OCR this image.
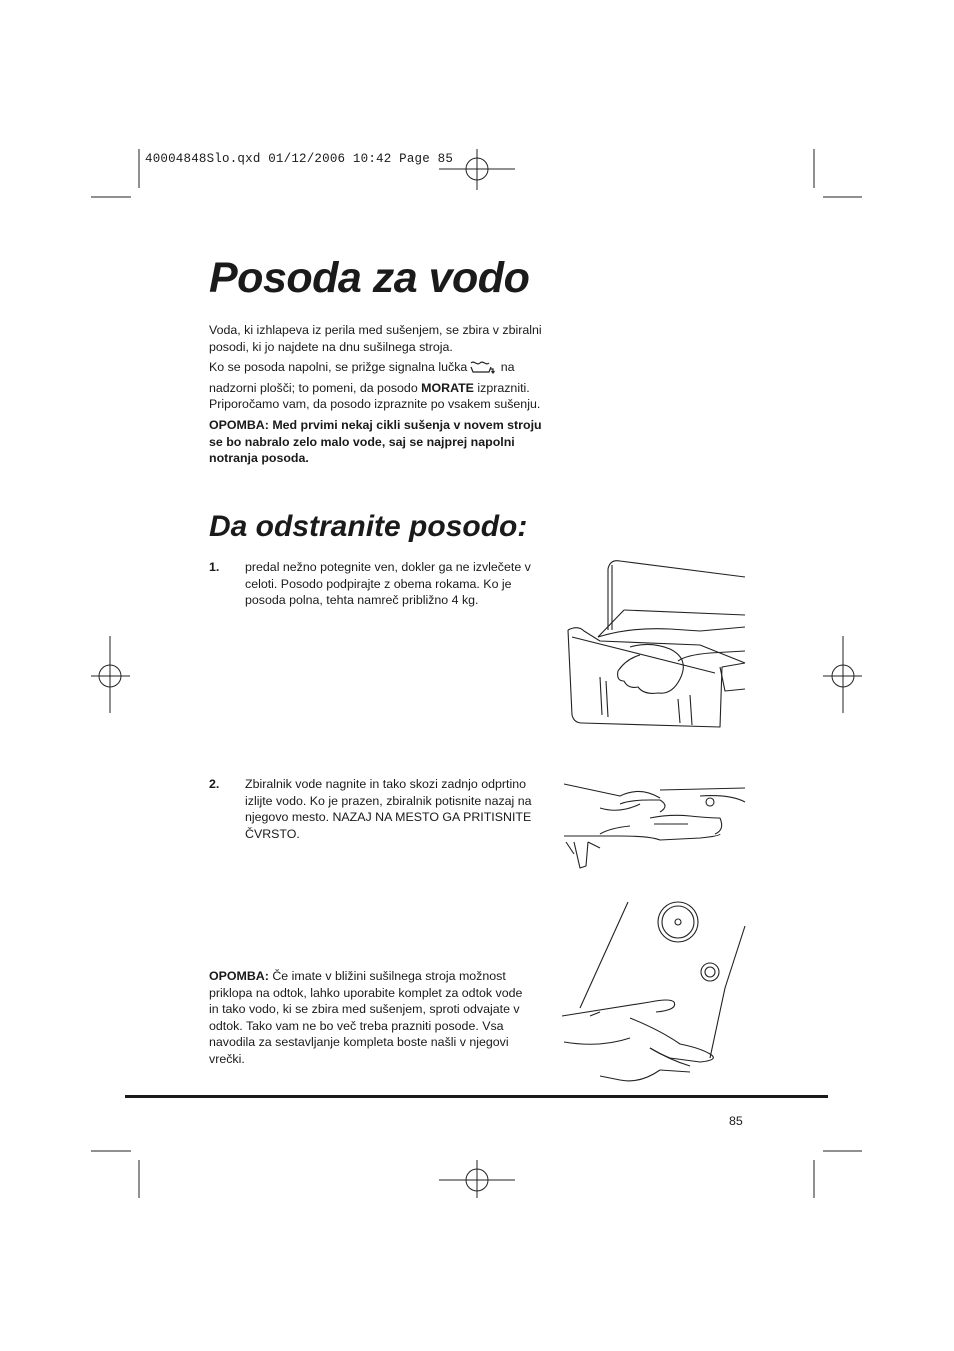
40004848Slo.qxd 01/12/2006 10:42 Page 85
Posoda za vodo

Voda, ki izhlapeva iz perila med sušenjem, se zbira v zbiralni posodi, ki jo najdete na dnu sušilnega stroja.

Ko se posoda napolni, se prižge signalna lučka na nadzorni plošči; to pomeni, da posodo MORATE izprazniti. Priporočamo vam, da posodo izpraznite po vsakem sušenju.

OPOMBA: Med prvimi nekaj cikli sušenja v novem stroju se bo nabralo zelo malo vode, saj se najprej napolni notranja posoda.

Da odstranite posodo:
1. predal nežno potegnite ven, dokler ga ne izvlečete v celoti. Posodo podpirajte z obema rokama. Ko je posoda polna, tehta namreč približno 4 kg.

2. Zbiralnik vode nagnite in tako skozi zadnjo odprtino izlijte vodo. Ko je prazen, zbiralnik potisnite nazaj na njegovo mesto. NAZAJ NA MESTO GA PRITISNITE ČVRSTO.

OPOMBA: Če imate v bližini sušilnega stroja možnost priklopa na odtok, lahko uporabite komplet za odtok vode in tako vodo, ki se zbira med sušenjem, sproti odvajate v odtok. Tako vam ne bo več treba prazniti posode. Vsa navodila za sestavljanje kompleta boste našli v njegovi vrečki.

85
